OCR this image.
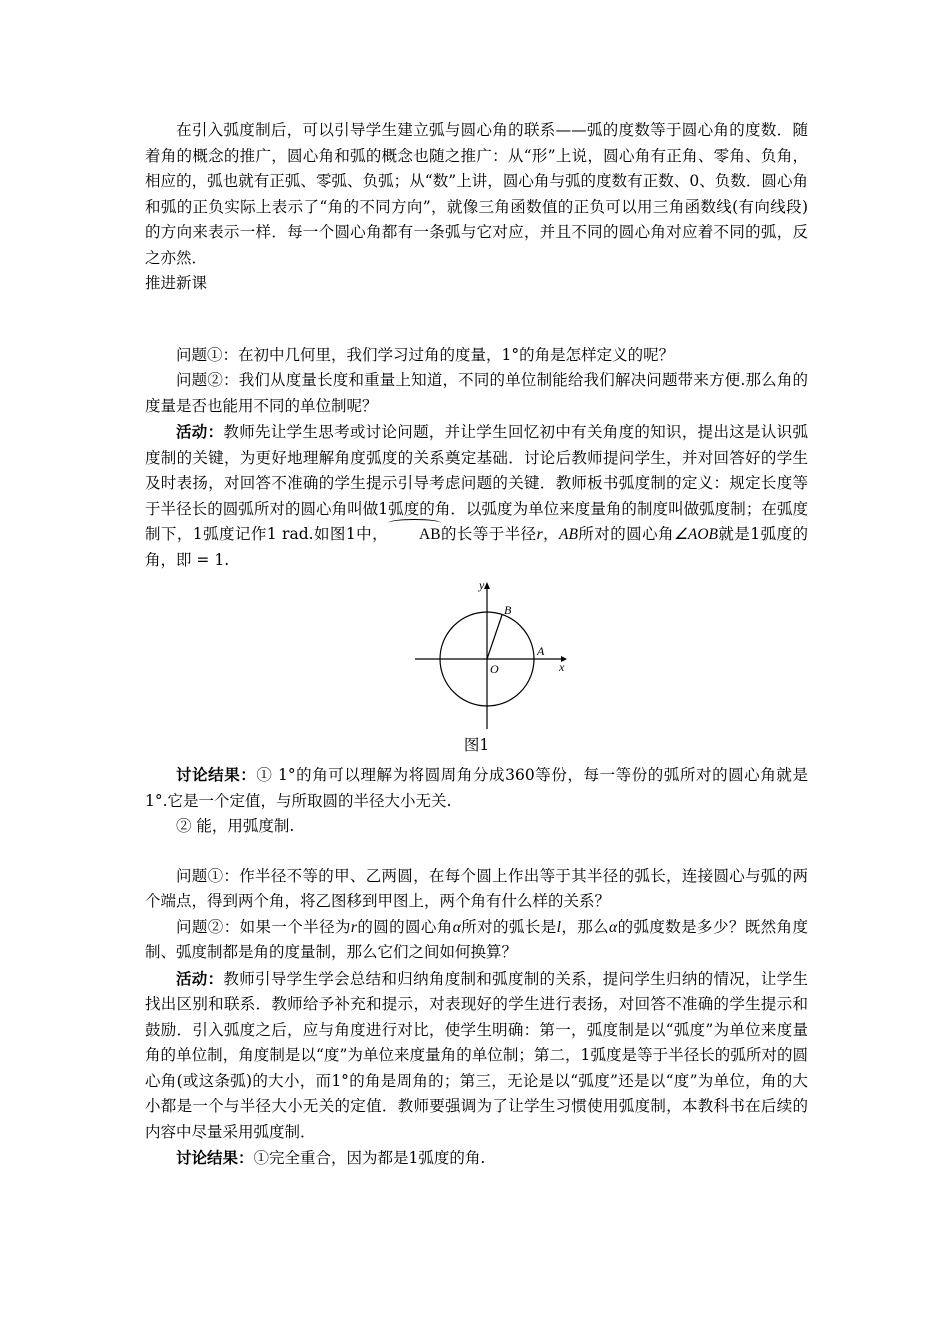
在引入弧度制后，可以引导学生建立弧与圆心角的联系——弧的度数等于圆心角的度数．随着角的概念的推广，圆心角和弧的概念也随之推广：从“形”上说，圆心角有正角、零角、负角，相应的，弧也就有正弧、零弧、负弧；从“数”上讲，圆心角与弧的度数有正数、0、负数．圆心角和弧的正负实际上表示了“角的不同方向”，就像三角函数值的正负可以用三角函数线(有向线段)的方向来表示一样．每一个圆心角都有一条弧与它对应，并且不同的圆心角对应着不同的弧，反之亦然．

推进新课

问题①：在初中几何里，我们学习过角的度量，1°的角是怎样定义的呢？

问题②：我们从度量长度和重量上知道，不同的单位制能给我们解决问题带来方便.那么角的度量是否也能用不同的单位制呢？

活动：教师先让学生思考或讨论问题，并让学生回忆初中有关角度的知识，提出这是认识弧度制的关键，为更好地理解角度弧度的关系奠定基础．讨论后教师提问学生，并对回答好的学生及时表扬，对回答不准确的学生提示引导考虑问题的关键．教师板书弧度制的定义：规定长度等于半径长的圆弧所对的圆心角叫做1弧度的角．以弧度为单位来度量角的制度叫做弧度制；在弧度制下，1弧度记作1 rad.如图1中， AB的长等于半径r，AB所对的圆心角∠AOB就是1弧度的角，即 = 1.

y
x
O
A
B
图1

讨论结果：① 1°的角可以理解为将圆周角分成360等份，每一等份的弧所对的圆心角就是1°.它是一个定值，与所取圆的半径大小无关.

② 能，用弧度制.

问题①：作半径不等的甲、乙两圆，在每个圆上作出等于其半径的弧长，连接圆心与弧的两个端点，得到两个角，将乙图移到甲图上，两个角有什么样的关系？

问题②：如果一个半径为r的圆的圆心角α所对的弧长是l，那么α的弧度数是多少？既然角度制、弧度制都是角的度量制，那么它们之间如何换算？

活动：教师引导学生学会总结和归纳角度制和弧度制的关系，提问学生归纳的情况，让学生找出区别和联系．教师给予补充和提示，对表现好的学生进行表扬，对回答不准确的学生提示和鼓励．引入弧度之后，应与角度进行对比，使学生明确：第一，弧度制是以“弧度”为单位来度量角的单位制，角度制是以“度”为单位来度量角的单位制；第二，1弧度是等于半径长的弧所对的圆心角(或这条弧)的大小，而1°的角是周角的；第三，无论是以“弧度”还是以“度”为单位，角的大小都是一个与半径大小无关的定值．教师要强调为了让学生习惯使用弧度制，本教科书在后续的内容中尽量采用弧度制．

讨论结果：①完全重合，因为都是1弧度的角.
